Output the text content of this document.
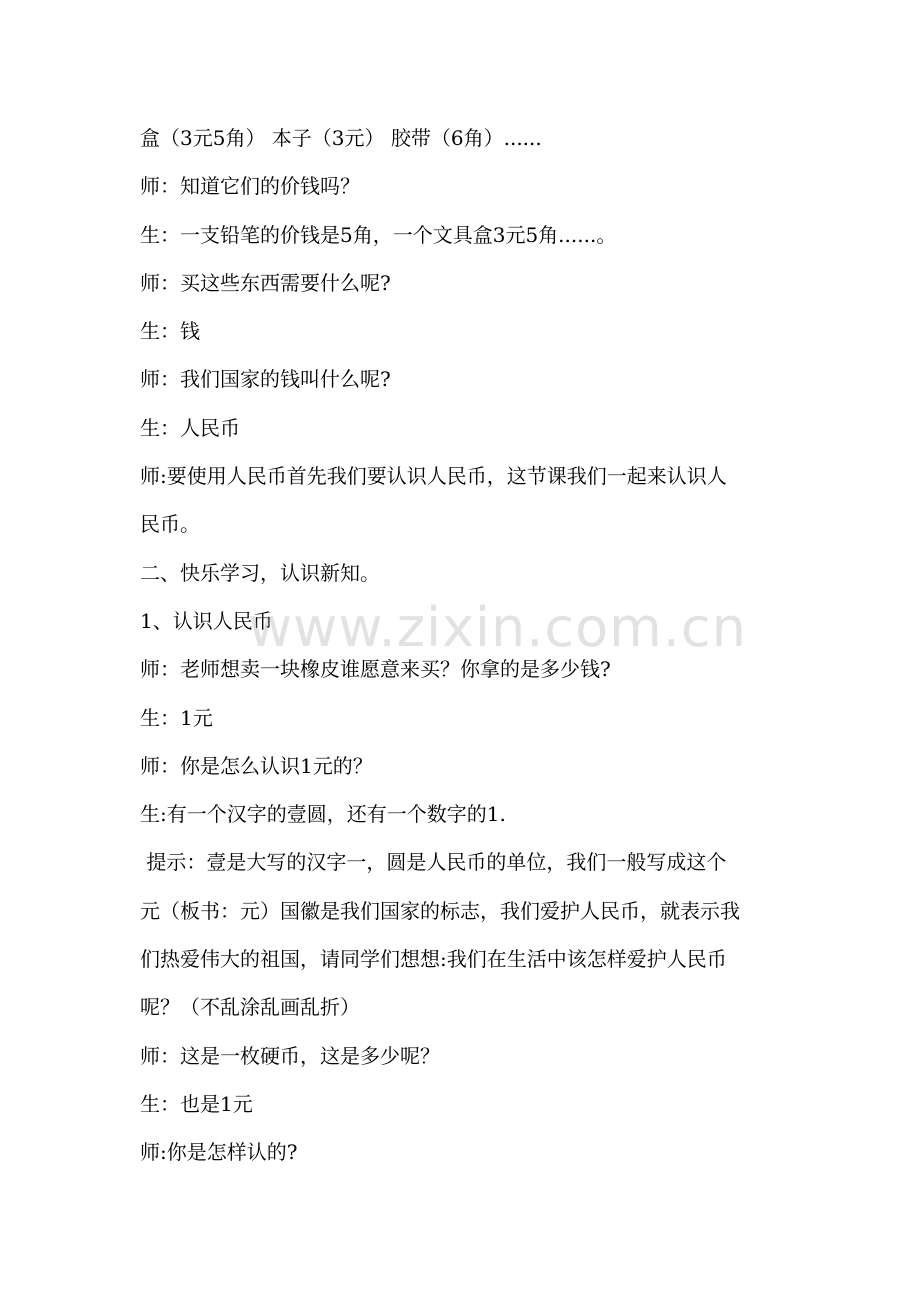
盒（3元5角） 本子（3元） 胶带（6角）......
师：知道它们的价钱吗？
生：一支铅笔的价钱是5角，一个文具盒3元5角......。
师：买这些东西需要什么呢?
生：钱
师：我们国家的钱叫什么呢?
生：人民币
师:要使用人民币首先我们要认识人民币，这节课我们一起来认识人
民币。
二、快乐学习，认识新知。
1、认识人民币
师：老师想卖一块橡皮谁愿意来买？你拿的是多少钱?
生：1元
师：你是怎么认识1元的？
生:有一个汉字的壹圆，还有一个数字的1.
提示：壹是大写的汉字一，圆是人民币的单位，我们一般写成这个
元（板书：元）国徽是我们国家的标志，我们爱护人民币，就表示我
们热爱伟大的祖国，请同学们想想:我们在生活中该怎样爱护人民币
呢？（不乱涂乱画乱折）
师：这是一枚硬币，这是多少呢？
生：也是1元
师:你是怎样认的?
www.zixin.com.cn
